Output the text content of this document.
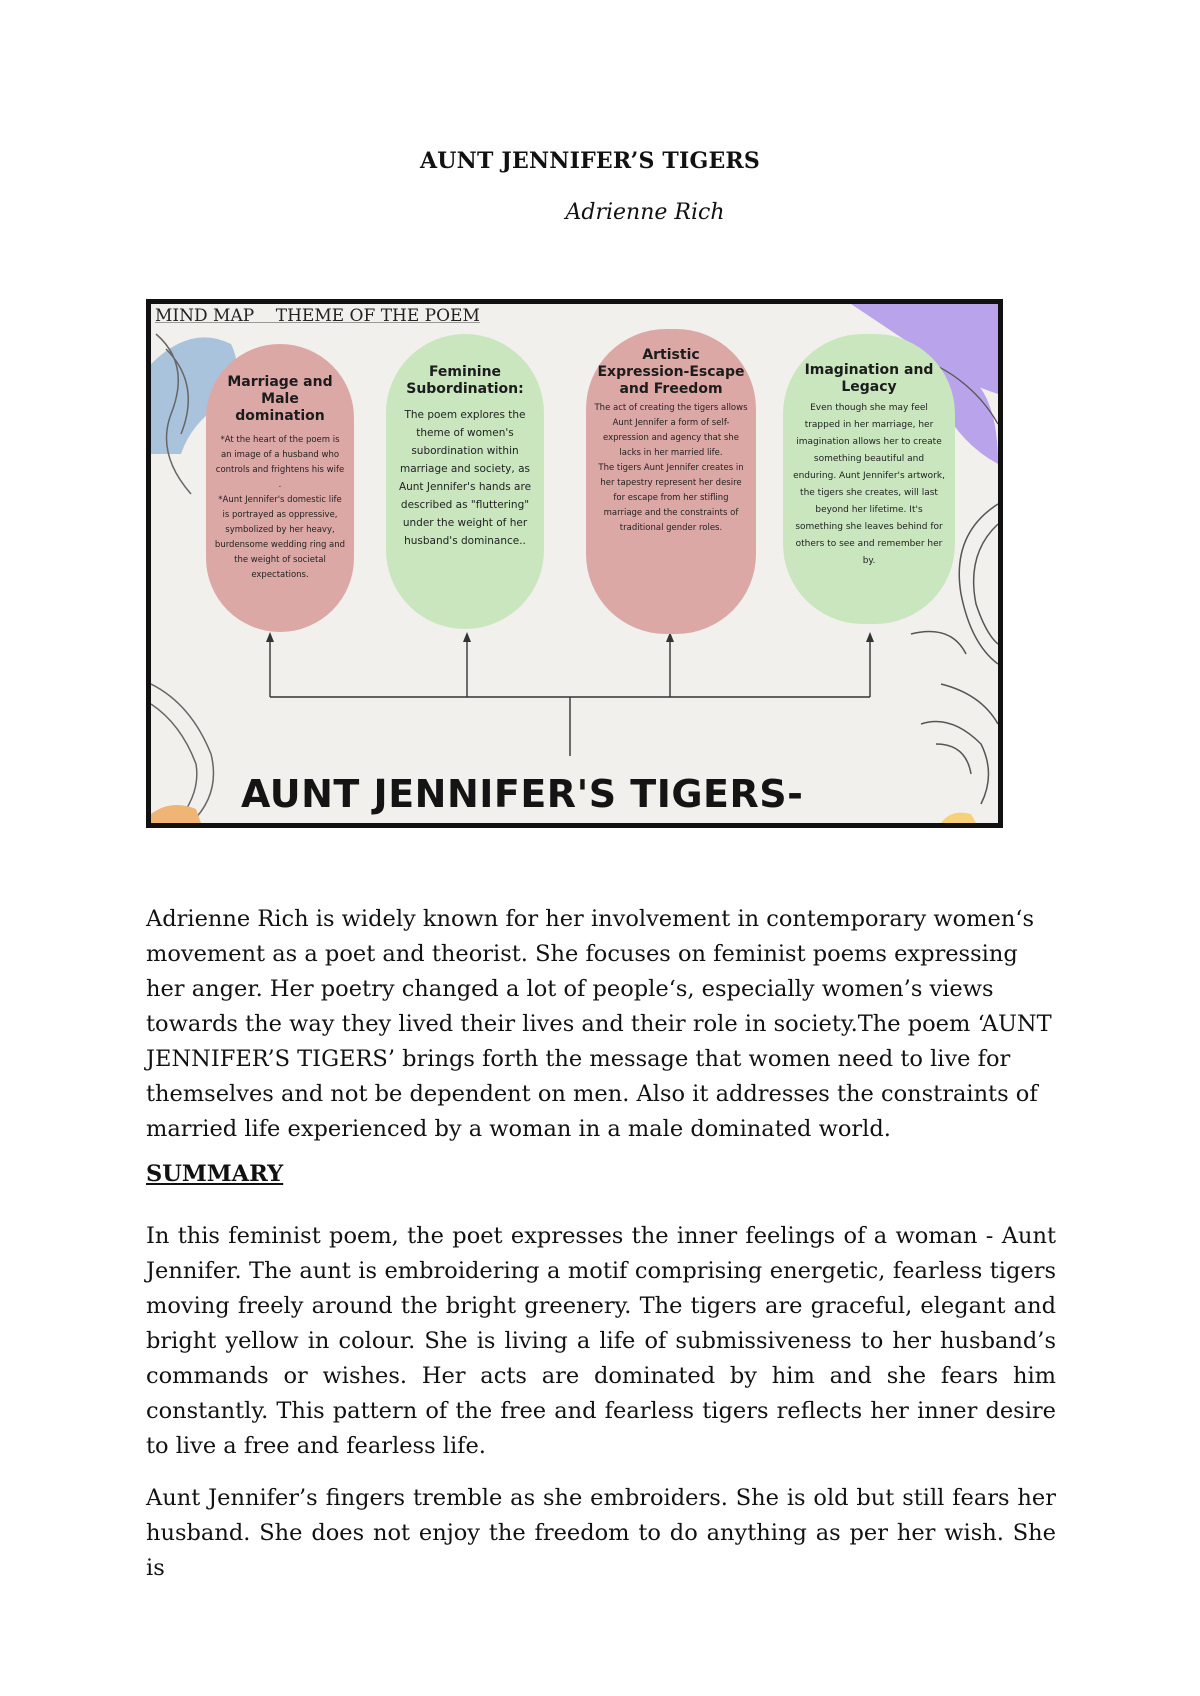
AUNT JENNIFER’S TIGERS
Adrienne Rich
MIND MAP    THEME OF THE POEM
Marriage and Male domination

*At the heart of the poem is an image of a husband who controls and frightens his wife

.

*Aunt Jennifer's domestic life is portrayed as oppressive, symbolized by her heavy, burdensome wedding ring and the weight of societal expectations.

Feminine Subordination:

The poem explores the theme of women's subordination within marriage and society, as Aunt Jennifer's hands are described as "fluttering" under the weight of her husband's dominance..

Artistic Expression-Escape and Freedom

The act of creating the tigers allows Aunt Jennifer a form of self- expression and agency that she lacks in her married life.

The tigers Aunt Jennifer creates in her tapestry represent her desire for escape from her stifling marriage and the constraints of traditional gender roles.

Imagination and Legacy

Even though she may feel trapped in her marriage, her imagination allows her to create something beautiful and enduring. Aunt Jennifer's artwork, the tigers she creates, will last beyond her lifetime. It's something she leaves behind for others to see and remember her by.

AUNT JENNIFER'S TIGERS-

Adrienne Rich is widely known for her involvement in contemporary women‘s movement as a poet and theorist. She focuses on feminist poems expressing her anger. Her poetry changed a lot of people‘s, especially women’s views towards the way they lived their lives and their role in society.The poem ‘AUNT JENNIFER’S TIGERS’ brings forth the message that women need to live for themselves and not be dependent on men. Also it addresses the constraints of married life experienced by a woman in a male dominated world.

SUMMARY

In this feminist poem, the poet expresses the inner feelings of a woman - Aunt Jennifer. The aunt is embroidering a motif comprising energetic, fearless tigers moving freely around the bright greenery. The tigers are graceful, elegant and bright yellow in colour. She is living a life of submissiveness to her husband’s commands or wishes. Her acts are dominated by him and she fears him constantly. This pattern of the free and fearless tigers reflects her inner desire to live a free and fearless life.

Aunt Jennifer’s fingers tremble as she embroiders. She is old but still fears her husband. She does not enjoy the freedom to do anything as per her wish. She is
